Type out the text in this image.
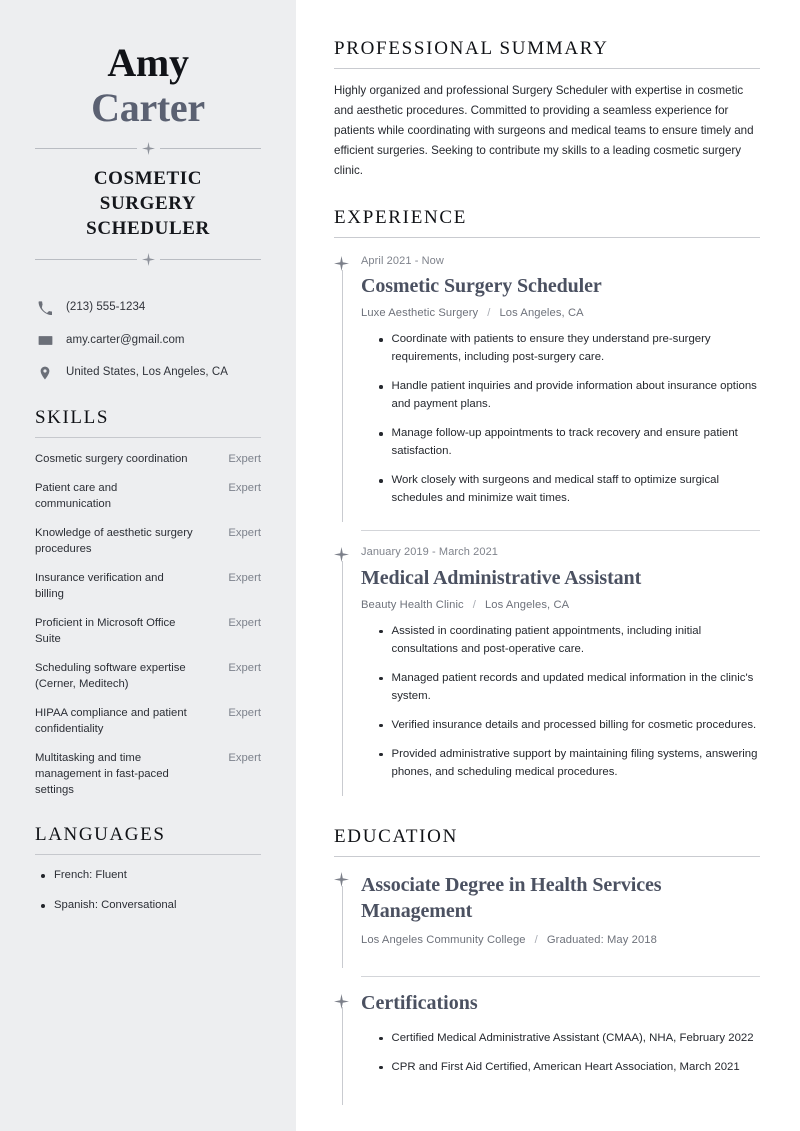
Amy
Carter
COSMETIC
SURGERY
SCHEDULER
(213) 555-1234
amy.carter@gmail.com
United States, Los Angeles, CA
SKILLS
Cosmetic surgery coordination	Expert
Patient care and communication
Expert
Knowledge of aesthetic surgery procedures
Expert
Insurance verification and billing
Expert
Proficient in Microsoft Office Suite
Expert
Scheduling software expertise (Cerner, Meditech)
Expert
HIPAA compliance and patient confidentiality
Expert
Multitasking and time management in fast-paced settings
Expert
LANGUAGES
French: Fluent
Spanish: Conversational
PROFESSIONAL SUMMARY

Highly organized and professional Surgery Scheduler with expertise in cosmetic and aesthetic procedures. Committed to providing a seamless experience for patients while coordinating with surgeons and medical teams to ensure timely and efficient surgeries. Seeking to contribute my skills to a leading cosmetic surgery clinic.

EXPERIENCE
April 2021 - Now
Cosmetic Surgery Scheduler
Luxe Aesthetic Surgery / Los Angeles, CA
Coordinate with patients to ensure they understand pre-surgery requirements, including post-surgery care.
Handle patient inquiries and provide information about insurance options and payment plans.
Manage follow-up appointments to track recovery and ensure patient satisfaction.
Work closely with surgeons and medical staff to optimize surgical schedules and minimize wait times.
January 2019 - March 2021
Medical Administrative Assistant
Beauty Health Clinic / Los Angeles, CA
Assisted in coordinating patient appointments, including initial consultations and post-operative care.
Managed patient records and updated medical information in the clinic's system.
Verified insurance details and processed billing for cosmetic procedures.
Provided administrative support by maintaining filing systems, answering phones, and scheduling medical procedures.
EDUCATION
Associate Degree in Health Services Management
Los Angeles Community College / Graduated: May 2018
Certifications
Certified Medical Administrative Assistant (CMAA), NHA, February 2022
CPR and First Aid Certified, American Heart Association, March 2021
